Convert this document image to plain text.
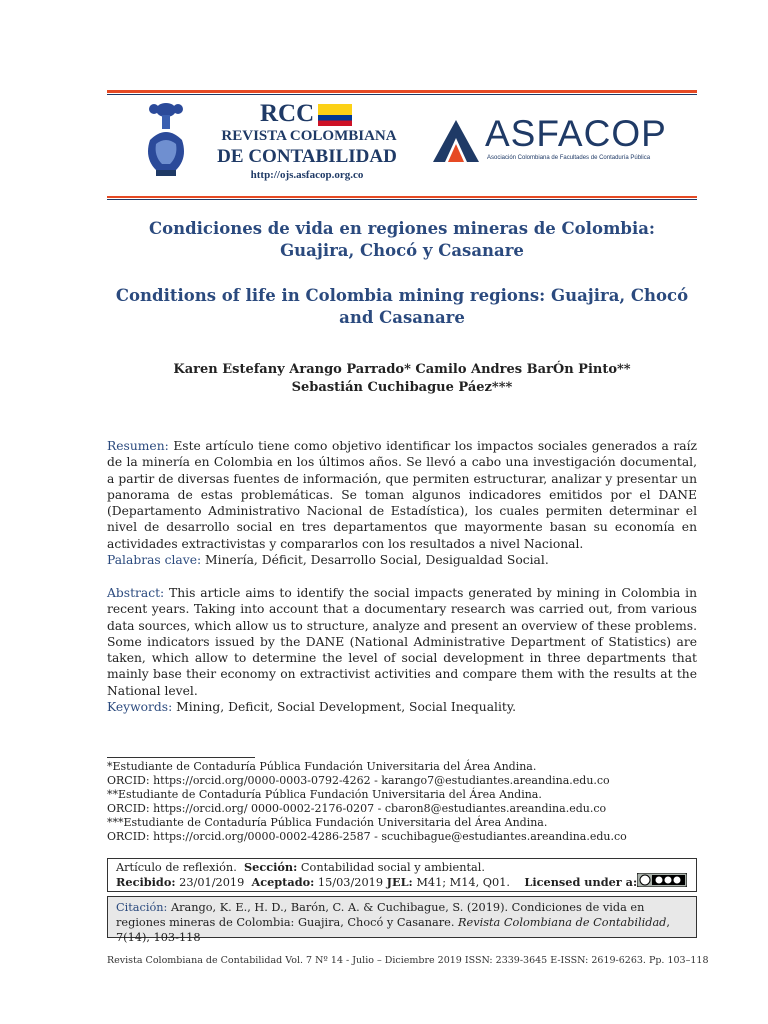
RCC
REVISTA COLOMBIANA
DE CONTABILIDAD
http://ojs.asfacop.org.co
ASFACOP
Asociación Colombiana de Facultades de Contaduría Pública
Condiciones de vida en regiones mineras de Colombia:
Guajira, Chocó y Casanare
Conditions of life in Colombia mining regions: Guajira, Chocó
and Casanare
Karen Estefany Arango Parrado* Camilo Andres BarÓn Pinto**
Sebastián Cuchibague Páez***
Resumen: Este artículo tiene como objetivo identificar los impactos sociales generados a raíz de la minería en Colombia en los últimos años. Se llevó a cabo una investigación documental, a partir de diversas fuentes de información, que permiten estructurar, analizar y presentar un panorama de estas problemáticas. Se toman algunos indicadores emitidos por el DANE (Departamento Administrativo Nacional de Estadística), los cuales permiten determinar el nivel de desarrollo social en tres departamentos que mayormente basan su economía en actividades extractivistas y compararlos con los resultados a nivel Nacional.
Palabras clave: Minería, Déficit, Desarrollo Social, Desigualdad Social.
Abstract: This article aims to identify the social impacts generated by mining in Colombia in recent years. Taking into account that a documentary research was carried out, from various data sources, which allow us to structure, analyze and present an overview of these problems. Some indicators issued by the DANE (National Administrative Department of Statistics) are taken, which allow to determine the level of social development in three departments that mainly base their economy on extractivist activities and compare them with the results at the National level.
Keywords: Mining, Deficit, Social Development, Social Inequality.
*Estudiante de Contaduría Pública Fundación Universitaria del Área Andina.
ORCID: https://orcid.org/0000-0003-0792-4262 - karango7@estudiantes.areandina.edu.co
**Estudiante de Contaduría Pública Fundación Universitaria del Área Andina.
ORCID: https://orcid.org/ 0000-0002-2176-0207 - cbaron8@estudiantes.areandina.edu.co
***Estudiante de Contaduría Pública Fundación Universitaria del Área Andina.
ORCID: https://orcid.org/0000-0002-4286-2587 - scuchibague@estudiantes.areandina.edu.co
Artículo de reflexión. Sección: Contabilidad social y ambiental.
Recibido: 23/01/2019 Aceptado: 15/03/2019 JEL: M41; M14, Q01. Licensed under a:
Citación: Arango, K. E., H. D., Barón, C. A. & Cuchibague, S. (2019). Condiciones de vida en regiones mineras de Colombia: Guajira, Chocó y Casanare. Revista Colombiana de Contabilidad, 7(14), 103-118
Revista Colombiana de Contabilidad Vol. 7 Nº 14 - Julio – Diciembre 2019 ISSN: 2339-3645 E-ISSN: 2619-6263. Pp. 103–118
